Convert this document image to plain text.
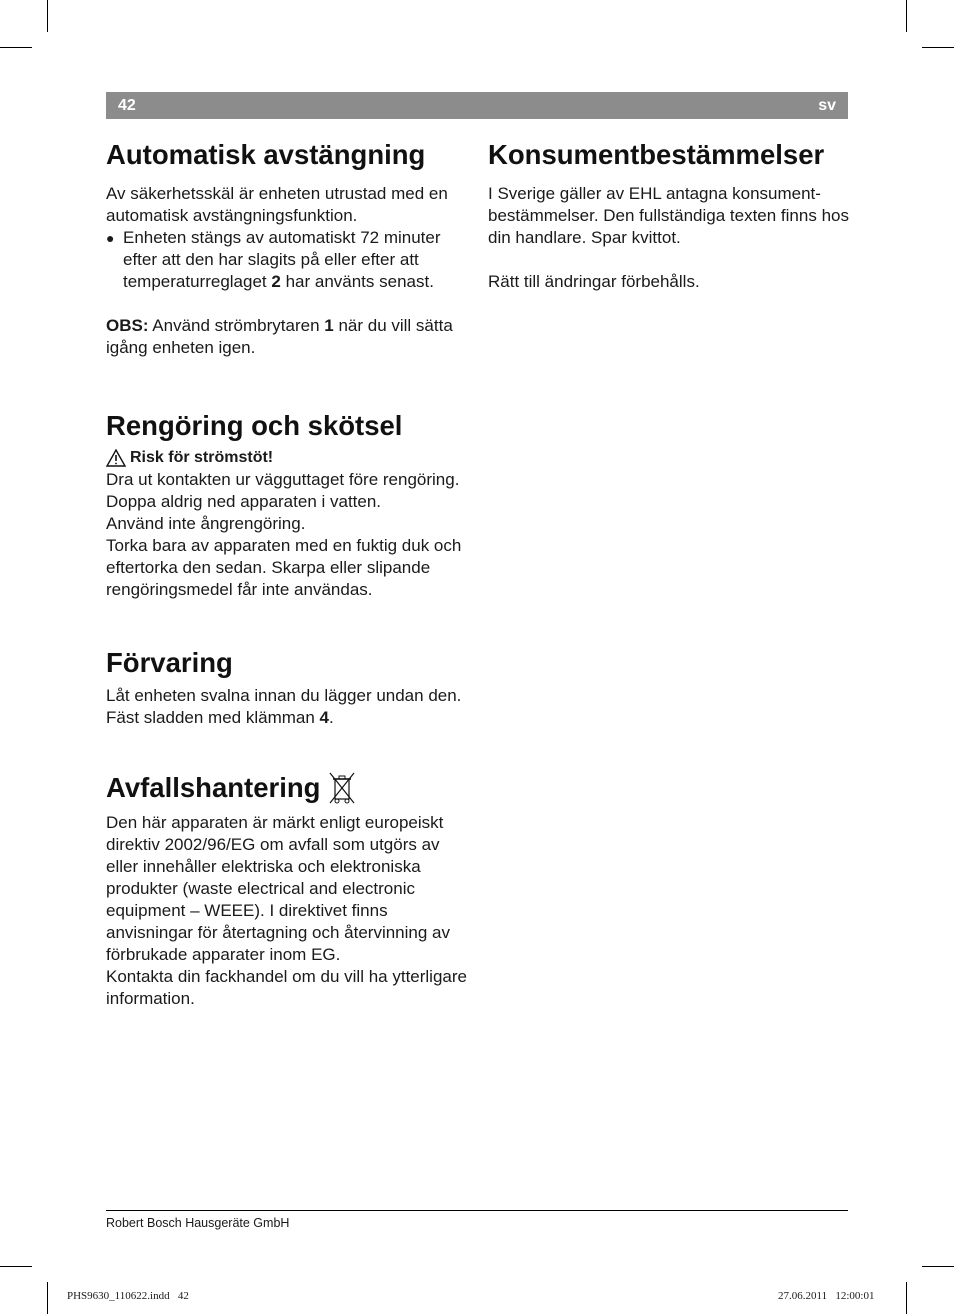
42	sv
Automatisk avstängning

Av säkerhetsskäl är enheten utrustad med en automatisk avstängningsfunktion.

● Enheten stängs av automatiskt 72 minuter efter att den har slagits på eller efter att temperaturreglaget 2 har använts senast.

OBS: Använd strömbrytaren 1 när du vill sätta igång enheten igen.

Rengöring och skötsel
Risk för strömstöt!

Dra ut kontakten ur vägguttaget före rengöring.

Doppa aldrig ned apparaten i vatten.

Använd inte ångrengöring.

Torka bara av apparaten med en fuktig duk och eftertorka den sedan. Skarpa eller slipande rengöringsmedel får inte användas.

Förvaring

Låt enheten svalna innan du lägger undan den.

Fäst sladden med klämman 4.

Avfallshantering

Den här apparaten är märkt enligt europeiskt direktiv 2002/96/EG om avfall som utgörs av eller innehåller elektriska och elektroniska produkter (waste electrical and electronic equipment – WEEE). I direktivet finns anvisningar för återtagning och återvinning av förbrukade apparater inom EG.

Kontakta din fackhandel om du vill ha ytterligare information.

Konsumentbestämmelser

I Sverige gäller av EHL antagna konsument-bestämmelser. Den fullständiga texten finns hos din handlare. Spar kvittot.

Rätt till ändringar förbehålls.

Robert Bosch Hausgeräte GmbH
PHS9630_110622.indd   42	27.06.2011   12:00:01
